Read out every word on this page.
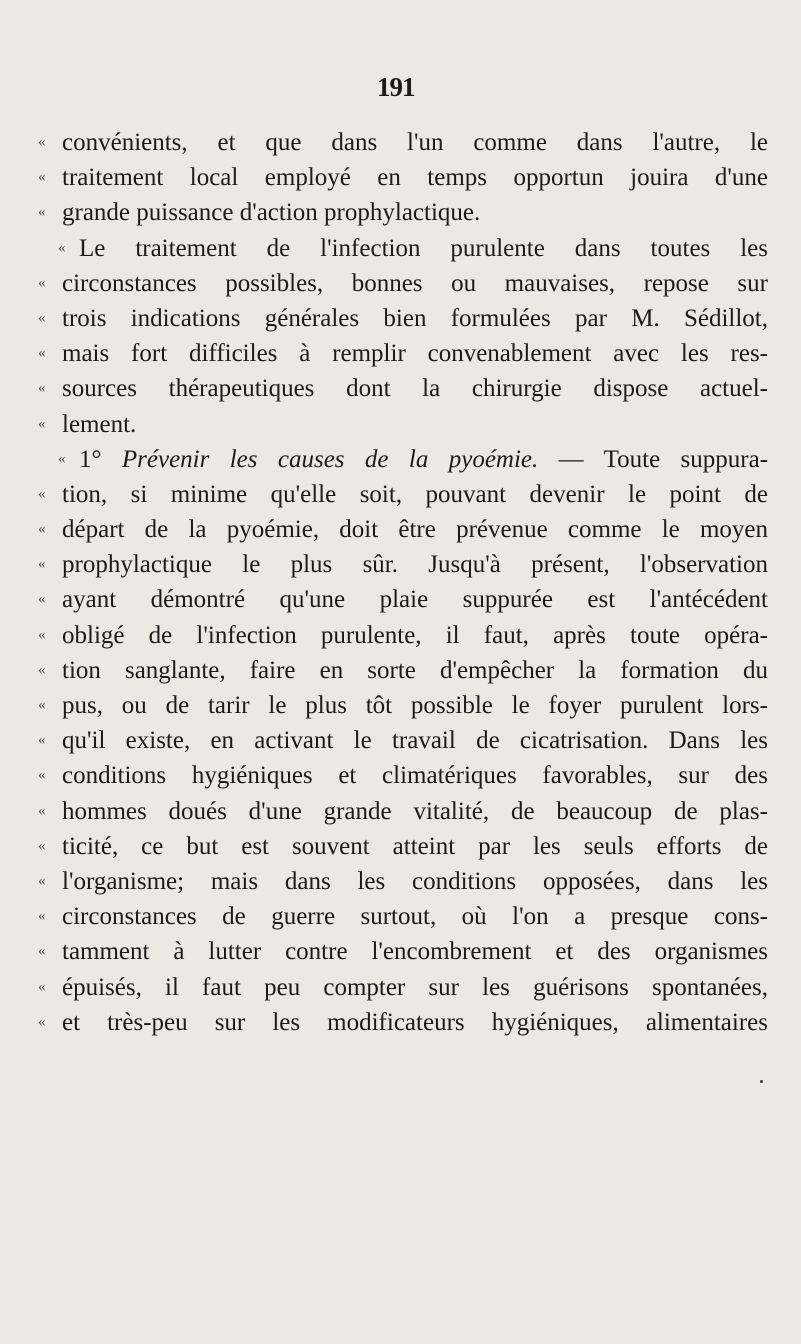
191
« convénients, et que dans l'un comme dans l'autre, le
« traitement local employé en temps opportun jouira d'une
« grande puissance d'action prophylactique.
« Le traitement de l'infection purulente dans toutes les
« circonstances possibles, bonnes ou mauvaises, repose sur
« trois indications générales bien formulées par M. Sédillot,
« mais fort difficiles à remplir convenablement avec les res-
« sources thérapeutiques dont la chirurgie dispose actuel-
« lement.
« 1° Prévenir les causes de la pyoémie. — Toute suppura-
« tion, si minime qu'elle soit, pouvant devenir le point de
« départ de la pyoémie, doit être prévenue comme le moyen
« prophylactique le plus sûr. Jusqu'à présent, l'observation
« ayant démontré qu'une plaie suppurée est l'antécédent
« obligé de l'infection purulente, il faut, après toute opéra-
« tion sanglante, faire en sorte d'empêcher la formation du
« pus, ou de tarir le plus tôt possible le foyer purulent lors-
« qu'il existe, en activant le travail de cicatrisation. Dans les
« conditions hygiéniques et climatériques favorables, sur des
« hommes doués d'une grande vitalité, de beaucoup de plas-
« ticité, ce but est souvent atteint par les seuls efforts de
« l'organisme; mais dans les conditions opposées, dans les
« circonstances de guerre surtout, où l'on a presque cons-
« tamment à lutter contre l'encombrement et des organismes
« épuisés, il faut peu compter sur les guérisons spontanées,
« et très-peu sur les modificateurs hygiéniques, alimentaires
